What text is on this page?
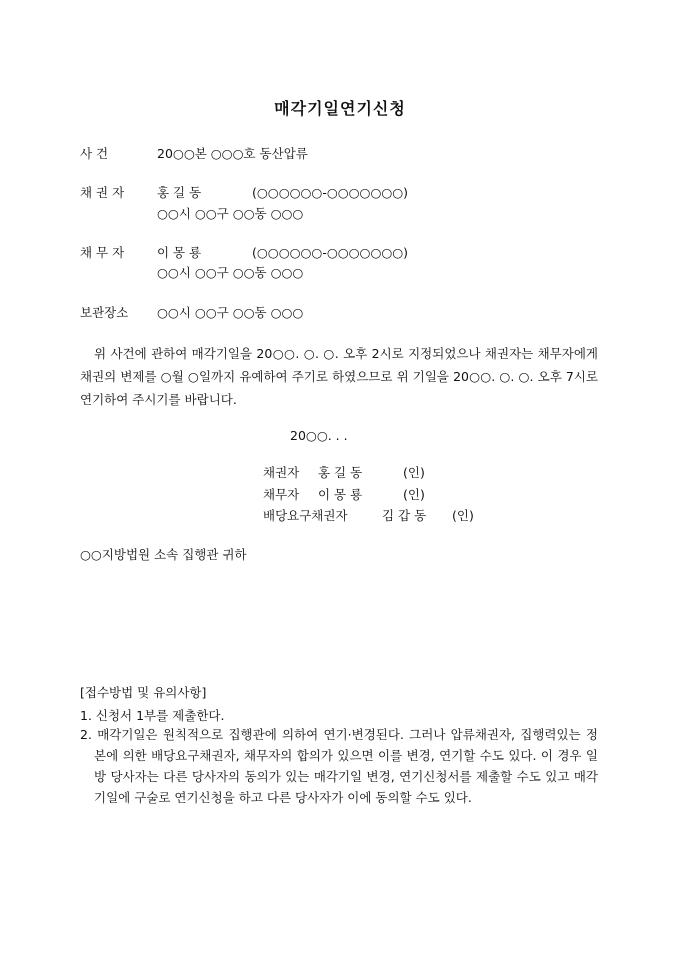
매각기일연기신청
사 건	20○○본 ○○○호 동산압류
채 권 자	홍 길 동	(○○○○○○-○○○○○○○)
○○시 ○○구 ○○동 ○○○
채 무 자	이 몽 룡	(○○○○○○-○○○○○○○)
○○시 ○○구 ○○동 ○○○
보관장소 ○○시 ○○구 ○○동 ○○○
위 사건에 관하여 매각기일을 20○○. ○. ○. 오후 2시로 지정되었으나 채권자는 채무자에게 채권의 변제를 ○월 ○일까지 유예하여 주기로 하였으므로 위 기일을 20○○. ○. ○. 오후 7시로 연기하여 주시기를 바랍니다.
20○○. . .
채권자 홍 길 동	(인)
채무자 이 몽 룡	(인)
배당요구채권자	김 갑 동 (인)
○○지방법원 소속 집행관 귀하
[접수방법 및 유의사항]
1. 신청서 1부를 제출한다.
2. 매각기일은 원칙적으로 집행관에 의하여 연기·변경된다. 그러나 압류채권자, 집행력있는 정본에 의한 배당요구채권자, 채무자의 합의가 있으면 이를 변경, 연기할 수도 있다. 이 경우 일방 당사자는 다른 당사자의 동의가 있는 매각기일 변경, 연기신청서를 제출할 수도 있고 매각기일에 구술로 연기신청을 하고 다른 당사자가 이에 동의할 수도 있다.
